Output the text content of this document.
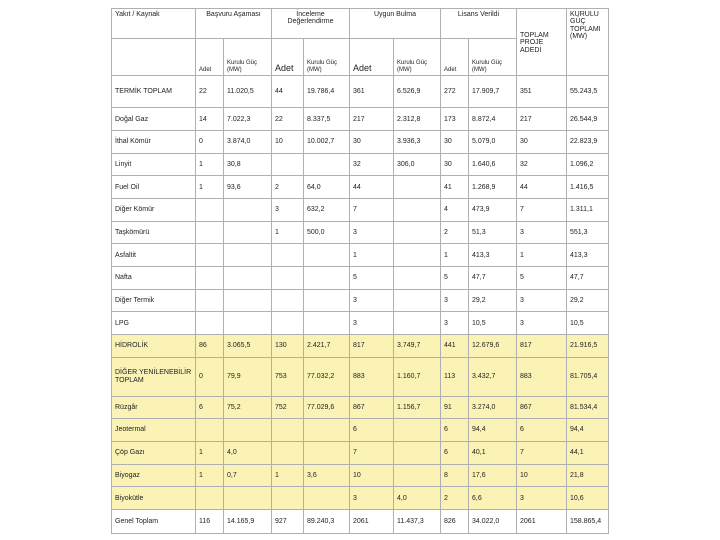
Yakıt / Kaynak	Başvuru Aşaması		İnceleme Değerlendirme		Uygun Bulma		Lisans Verildi		TOPLAM PROJE ADEDİ	KURULU GÜÇ TOPLAMI (MW)
	Adet	Kurulu Güç (MW)	Adet	Kurulu Güç (MW)	Adet	Kurulu Güç (MW)	Adet	Kurulu Güç (MW)		
TERMİK TOPLAM	22	11.020,5	44	19.786,4	361	6.526,9	272	17.909,7	351	55.243,5
Doğal Gaz	14	7.022,3	22	8.337,5	217	2.312,8	173	8.872,4	217	26.544,9
İthal Kömür	0	3.874,0	10	10.002,7	30	3.936,3	30	5.079,0	30	22.823,9
Linyit	1	30,8			32	306,0	30	1.640,6	32	1.096,2
Fuel Oil	1	93,6	2	64,0	44		41	1.268,9	44	1.416,5
Diğer Kömür			3	632,2	7		4	473,9	7	1.311,1
Taşkömürü			1	500,0	3		2	51,3	3	551,3
Asfaltit					1		1	413,3	1	413,3
Nafta					5		5	47,7	5	47,7
Diğer Termik					3		3	29,2	3	29,2
LPG					3		3	10,5	3	10,5
HİDROLİK	86	3.065,5	130	2.421,7	817	3.749,7	441	12.679,6	817	21.916,5
DİĞER YENİLENEBİLİR TOPLAM	0	79,9	753	77.032,2	883	1.160,7	113	3.432,7	883	81.705,4
Rüzgâr	6	75,2	752	77.029,6	867	1.156,7	91	3.274,0	867	81.534,4
Jeotermal					6		6	94,4	6	94,4
Çöp Gazı	1	4,0			7		6	40,1	7	44,1
Biyogaz	1	0,7	1	3,6	10		8	17,6	10	21,8
Biyokütle					3	4,0	2	6,6	3	10,6
Genel Toplam	116	14.165,9	927	89.240,3	2061	11.437,3	826	34.022,0	2061	158.865,4
